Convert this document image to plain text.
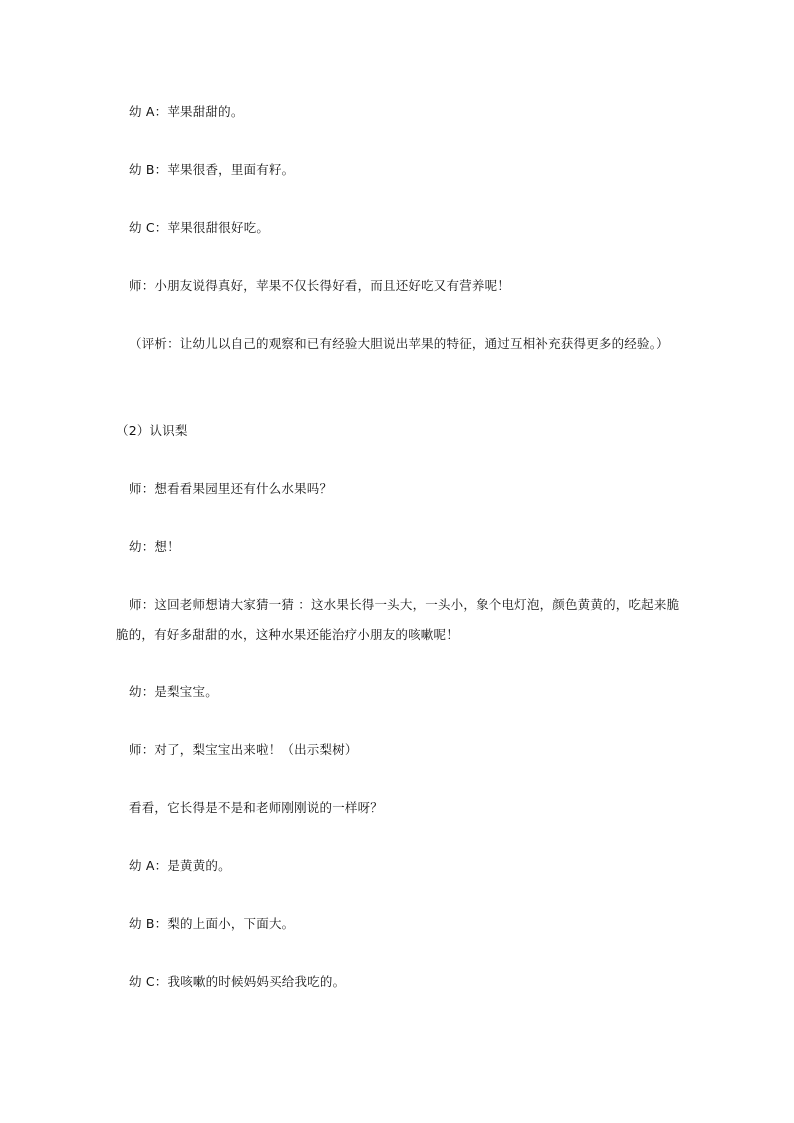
幼 A：苹果甜甜的。

幼 B：苹果很香，里面有籽。

幼 C：苹果很甜很好吃。

师：小朋友说得真好，苹果不仅长得好看，而且还好吃又有营养呢！

（评析：让幼儿以自己的观察和已有经验大胆说出苹果的特征，通过互相补充获得更多的经验。）

（2）认识梨

师：想看看果园里还有什么水果吗？

幼：想！

师：这回老师想请大家猜一猜 ：这水果长得一头大，一头小，象个电灯泡，颜色黄黄的，吃起来脆脆的，有好多甜甜的水，这种水果还能治疗小朋友的咳嗽呢！

幼：是梨宝宝。

师：对了，梨宝宝出来啦！（出示梨树）

看看，它长得是不是和老师刚刚说的一样呀？

幼 A：是黄黄的。

幼 B：梨的上面小，下面大。

幼 C：我咳嗽的时候妈妈买给我吃的。
